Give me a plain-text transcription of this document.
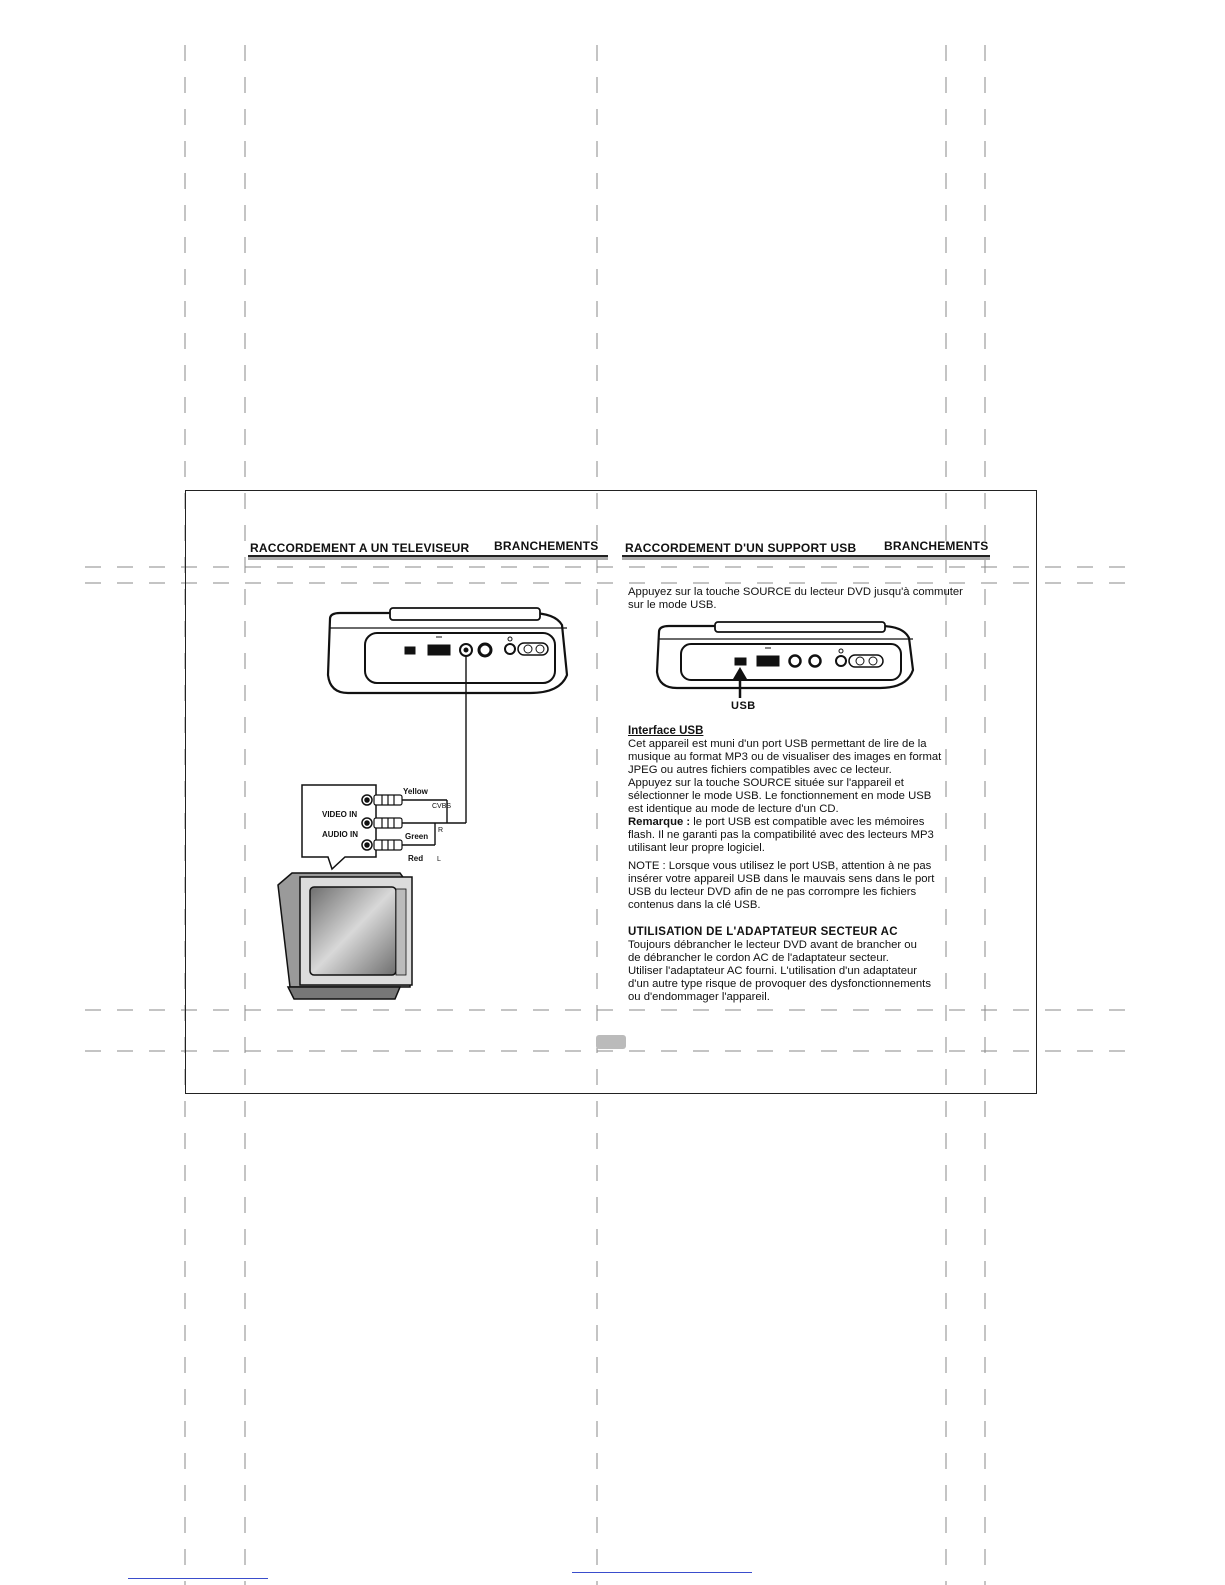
RACCORDEMENT A UN TELEVISEUR BRANCHEMENTS RACCORDEMENT D'UN SUPPORT USB BRANCHEMENTS
Yellow
VIDEO IN
AUDIO IN
CVBS
R
Green
Red L

Appuyez sur la touche SOURCE du lecteur DVD jusqu'à commuter
sur le mode USB.

USB

Interface USB

Cet appareil est muni d'un port USB permettant de lire de la
musique au format MP3 ou de visualiser des images en format
JPEG ou autres fichiers compatibles avec ce lecteur.
Appuyez sur la touche SOURCE située sur l'appareil et
sélectionner le mode USB. Le fonctionnement en mode USB
est identique au mode de lecture d'un CD.

Remarque : le port USB est compatible avec les mémoires
flash. Il ne garanti pas la compatibilité avec des lecteurs MP3
utilisant leur propre logiciel.

NOTE : Lorsque vous utilisez le port USB, attention à ne pas
insérer votre appareil USB dans le mauvais sens dans le port
USB du lecteur DVD afin de ne pas corrompre les fichiers
contenus dans la clé USB.

UTILISATION DE L'ADAPTATEUR SECTEUR AC

Toujours débrancher le lecteur DVD avant de brancher ou
de débrancher le cordon AC de l'adaptateur secteur.
Utiliser l'adaptateur AC fourni. L'utilisation d'un adaptateur
d'un autre type risque de provoquer des dysfonctionnements
ou d'endommager l'appareil.
